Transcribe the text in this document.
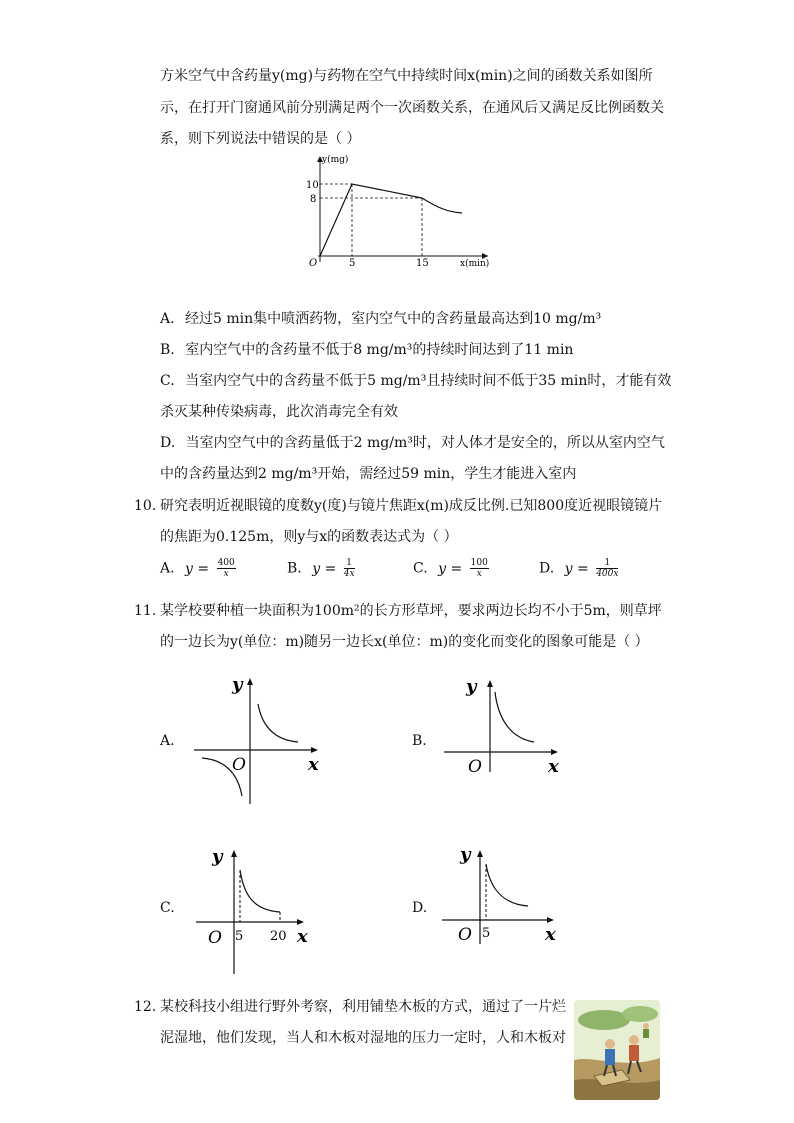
方米空气中含药量y(mg)与药物在空气中持续时间x(min)之间的函数关系如图所
示，在打开门窗通风前分别满足两个一次函数关系，在通风后又满足反比例函数关
系，则下列说法中错误的是（ ）
y(mg)
x(min)
O
10
8
5	15
A. 经过5 min集中喷洒药物，室内空气中的含药量最高达到10 mg/m³
B. 室内空气中的含药量不低于8 mg/m³的持续时间达到了11 min
C. 当室内空气中的含药量不低于5 mg/m³且持续时间不低于35 min时，才能有效
杀灭某种传染病毒，此次消毒完全有效
D. 当室内空气中的含药量低于2 mg/m³时，对人体才是安全的，所以从室内空气
中的含药量达到2 mg/m³开始，需经过59 min，学生才能进入室内
10. 研究表明近视眼镜的度数y(度)与镜片焦距x(m)成反比例.已知800度近视眼镜镜片
的焦距为0.125m，则y与x的函数表达式为（ ）
A. $y = \frac{400}{x}$	B. $y = \frac{1}{4x}$	C. $y = \frac{100}{x}$	D. $y = \frac{1}{400x}$
11. 某学校要种植一块面积为100m²的长方形草坪，要求两边长均不小于5m，则草坪
的一边长为y(单位：m)随另一边长x(单位：m)的变化而变化的图象可能是（ ）
A.
y
x
O
B.
y
x
O
C.
y
x
O 5 20
D.
y
x
O 5
12. 某校科技小组进行野外考察，利用铺垫木板的方式，通过了一片烂
泥湿地，他们发现，当人和木板对湿地的压力一定时，人和木板对
